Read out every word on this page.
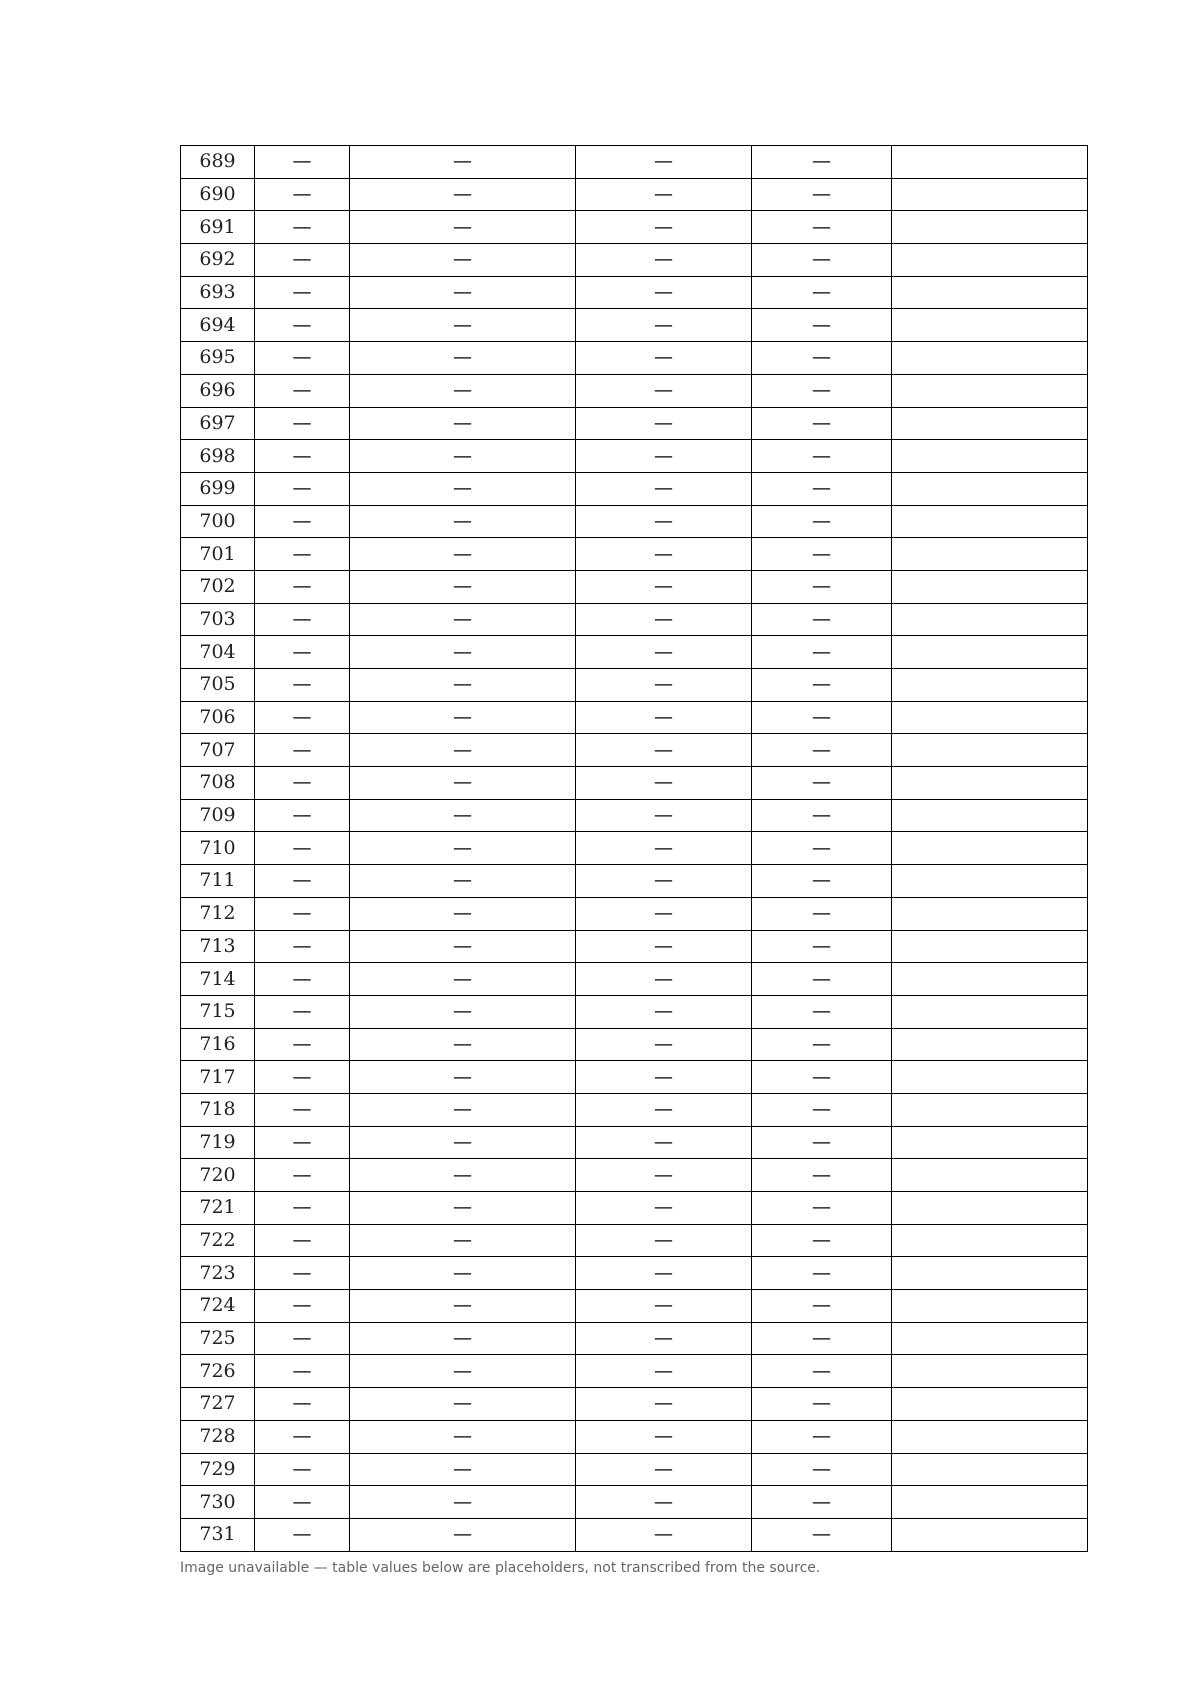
689	—	—	—	—	
690	—	—	—	—	
691	—	—	—	—	
692	—	—	—	—	
693	—	—	—	—	
694	—	—	—	—	
695	—	—	—	—	
696	—	—	—	—	
697	—	—	—	—	
698	—	—	—	—	
699	—	—	—	—	
700	—	—	—	—	
701	—	—	—	—	
702	—	—	—	—	
703	—	—	—	—	
704	—	—	—	—	
705	—	—	—	—	
706	—	—	—	—	
707	—	—	—	—	
708	—	—	—	—	
709	—	—	—	—	
710	—	—	—	—	
711	—	—	—	—	
712	—	—	—	—	
713	—	—	—	—	
714	—	—	—	—	
715	—	—	—	—	
716	—	—	—	—	
717	—	—	—	—	
718	—	—	—	—	
719	—	—	—	—	
720	—	—	—	—	
721	—	—	—	—	
722	—	—	—	—	
723	—	—	—	—	
724	—	—	—	—	
725	—	—	—	—	
726	—	—	—	—	
727	—	—	—	—	
728	—	—	—	—	
729	—	—	—	—	
730	—	—	—	—	
731	—	—	—	—	
Image unavailable — table values below are placeholders, not transcribed from the source.
